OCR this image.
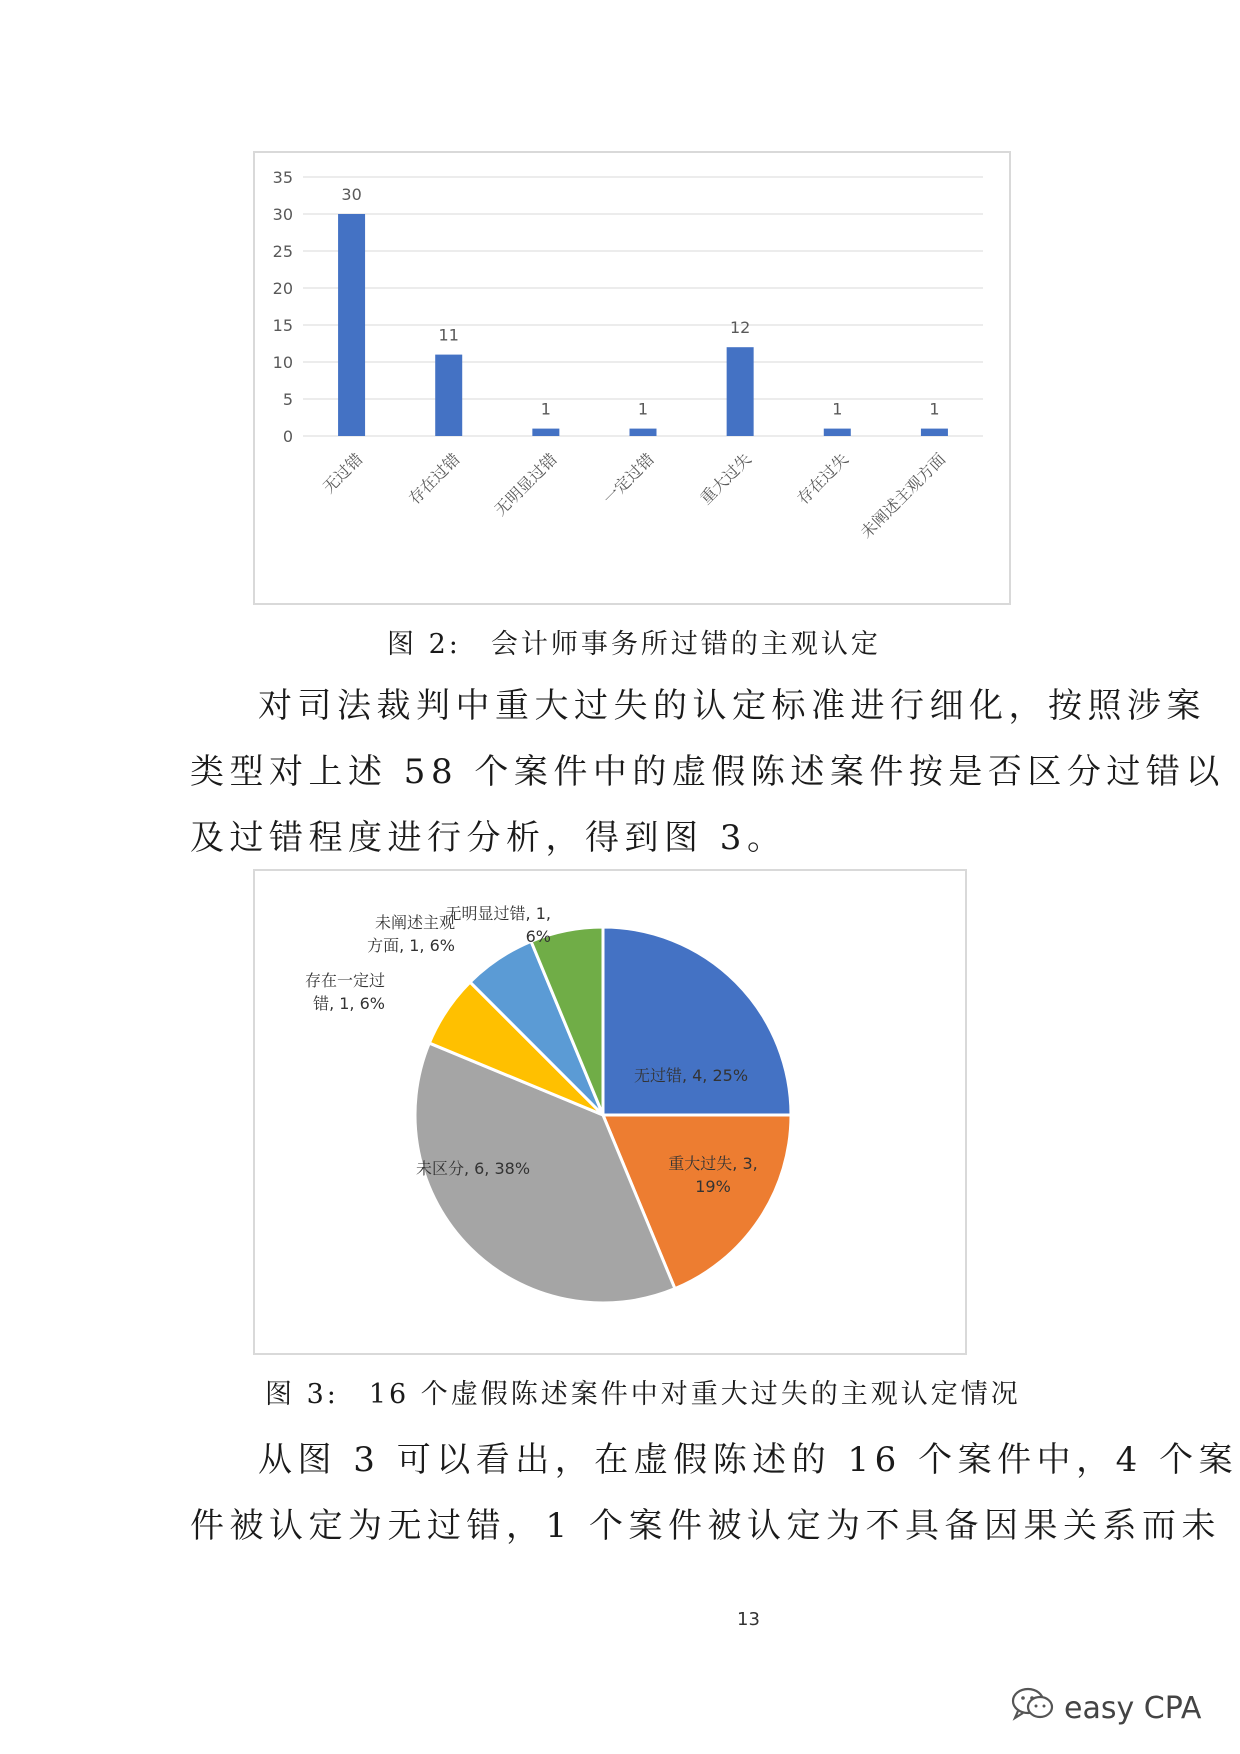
0
5
10
15
20
25
30
35
30
无过错
11
存在过错
1
无明显过错
1
一定过错
12
重大过失
1
存在过失
1
未阐述主观方面
图 2:　会计师事务所过错的主观认定
对司法裁判中重大过失的认定标准进行细化，按照涉案
类型对上述 58 个案件中的虚假陈述案件按是否区分过错以
及过错程度进行分析，得到图 3。
无过错, 4, 25%
重大过失, 3,
19%
未区分, 6, 38%
存在一定过
错, 1, 6%
未阐述主观
方面, 1, 6%
无明显过错, 1,
6%
图 3:　16 个虚假陈述案件中对重大过失的主观认定情况
从图 3 可以看出，在虚假陈述的 16 个案件中，4 个案
件被认定为无过错，1 个案件被认定为不具备因果关系而未
13
easy CPA
